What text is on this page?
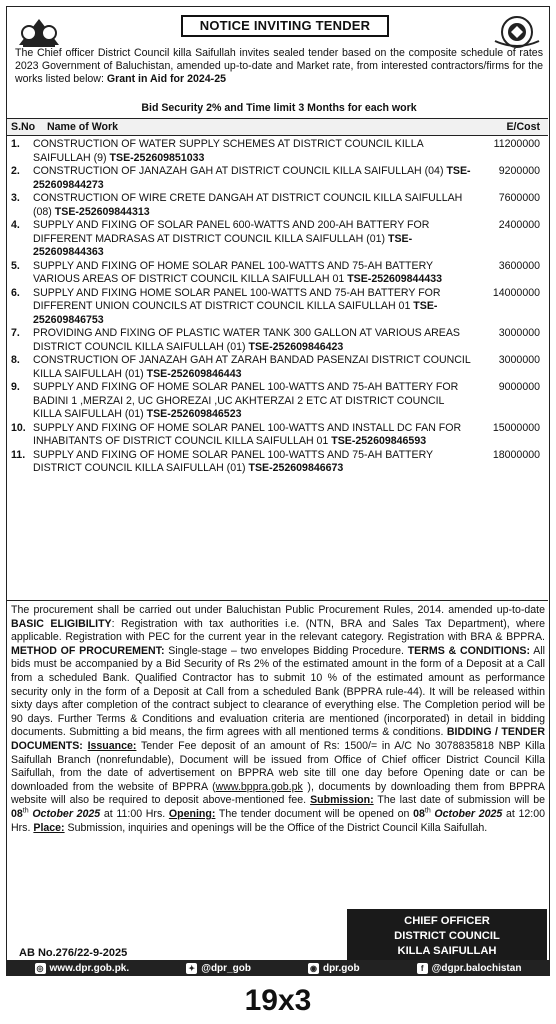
NOTICE INVITING TENDER
The Chief officer District Council killa Saifullah invites sealed tender based on the composite schedule of rates 2023 Government of Baluchistan, amended up-to-date and Market rate, from interested contractors/firms for the works listed below: Grant in Aid for 2024-25
Bid Security 2% and Time limit 3 Months for each work
S.No Name of Work	E/Cost
1.	CONSTRUCTION OF WATER SUPPLY SCHEMES AT DISTRICT COUNCIL KILLA SAIFULLAH (9) TSE-252609851033
11200000
2.	CONSTRUCTION OF JANAZAH GAH AT DISTRICT COUNCIL KILLA SAIFULLAH (04) TSE-252609844273
9200000
3.	CONSTRUCTION OF WIRE CRETE DANGAH AT DISTRICT COUNCIL KILLA SAIFULLAH (08) TSE-252609844313
7600000
4.	SUPPLY AND FIXING OF SOLAR PANEL 600-WATTS AND 200-AH BATTERY FOR DIFFERENT MADRASAS AT DISTRICT COUNCIL KILLA SAIFULLAH (01) TSE-252609844363
2400000
5.	SUPPLY AND FIXING OF HOME SOLAR PANEL 100-WATTS AND 75-AH BATTERY VARIOUS AREAS OF DISTRICT COUNCIL KILLA SAIFULLAH 01 TSE-252609844433
3600000
6.	SUPPLY AND FIXING HOME SOLAR PANEL 100-WATTS AND 75-AH BATTERY FOR DIFFERENT UNION COUNCILS AT DISTRICT COUNCIL KILLA SAIFULLAH 01 TSE-252609846753
14000000
7.	PROVIDING AND FIXING OF PLASTIC WATER TANK 300 GALLON AT VARIOUS AREAS DISTRICT COUNCIL KILLA SAIFULLAH (01) TSE-252609846423
3000000
8.	CONSTRUCTION OF JANAZAH GAH AT ZARAH BANDAD PASENZAI DISTRICT COUNCIL KILLA SAIFULLAH (01) TSE-252609846443
3000000
9.	SUPPLY AND FIXING OF HOME SOLAR PANEL 100-WATTS AND 75-AH BATTERY FOR BADINI 1 ,MERZAI 2, UC GHOREZAI ,UC AKHTERZAI 2 ETC AT DISTRICT COUNCIL KILLA SAIFULLAH (01) TSE-252609846523
9000000
10. SUPPLY AND FIXING OF HOME SOLAR PANEL 100-WATTS AND INSTALL DC FAN FOR INHABITANTS OF DISTRICT COUNCIL KILLA SAIFULLAH 01 TSE-252609846593
15000000
11. SUPPLY AND FIXING OF HOME SOLAR PANEL 100-WATTS AND 75-AH BATTERY DISTRICT COUNCIL KILLA SAIFULLAH (01) TSE-252609846673
18000000
The procurement shall be carried out under Baluchistan Public Procurement Rules, 2014. amended up-to-date BASIC ELIGIBILITY: Registration with tax authorities i.e. (NTN, BRA and Sales Tax Department), where applicable. Registration with PEC for the current year in the relevant category. Registration with BRA & BPPRA. METHOD OF PROCUREMENT: Single-stage – two envelopes Bidding Procedure. TERMS & CONDITIONS: All bids must be accompanied by a Bid Security of Rs 2% of the estimated amount in the form of a Deposit at a Call from a scheduled Bank. Qualified Contractor has to submit 10 % of the estimated amount as performance security only in the form of a Deposit at Call from a scheduled Bank (BPPRA rule-44). It will be released within sixty days after completion of the contract subject to clearance of everything else. The Completion period will be 90 days. Further Terms & Conditions and evaluation criteria are mentioned (incorporated) in detail in bidding documents. Submitting a bid means, the firm agrees with all mentioned terms & conditions. BIDDING / TENDER DOCUMENTS: Issuance: Tender Fee deposit of an amount of Rs: 1500/= in A/C No 3078835818 NBP Killa Saifullah Branch (nonrefundable), Document will be issued from Office of Chief officer District Council Killa Saifullah, from the date of advertisement on BPPRA web site till one day before Opening date or can be downloaded from the website of BPPRA (www.bppra.gob.pk ), documents by downloading them from BPPRA website will also be required to deposit above-mentioned fee. Submission: The last date of submission will be 08th October 2025 at 11:00 Hrs. Opening: The tender document will be opened on 08th October 2025 at 12:00 Hrs. Place: Submission, inquiries and openings will be the Office of the District Council Killa Saifullah.
CHIEF OFFICER
DISTRICT COUNCIL
KILLA SAIFULLAH
AB No.276/22-9-2025
◎ www.dpr.gob.pk.	✦ @dpr_gob	◉ dpr.gob	f @dgpr.balochistan
19x3
